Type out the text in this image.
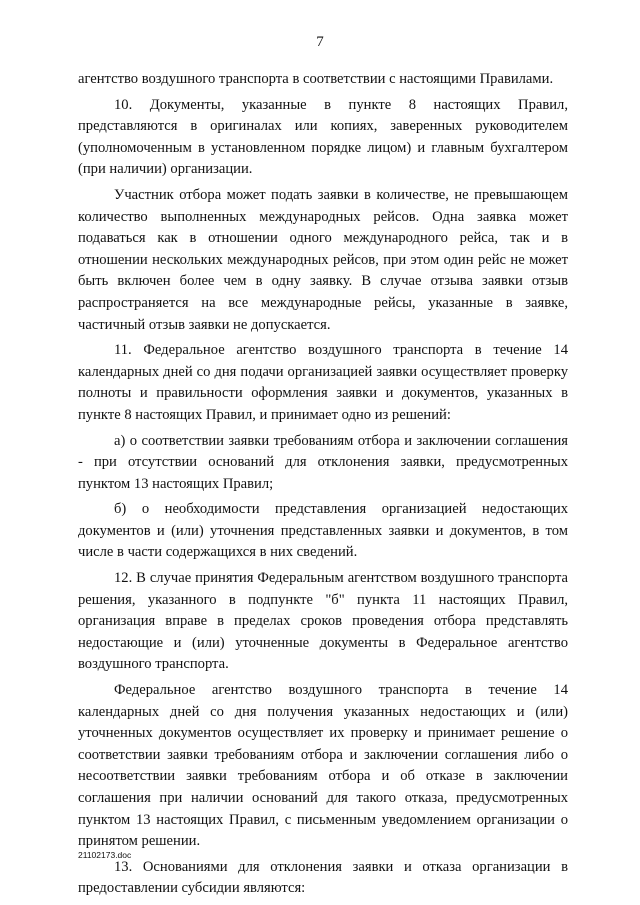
7

агентство воздушного транспорта в соответствии с настоящими Правилами.

10. Документы, указанные в пункте 8 настоящих Правил, представляются в оригиналах или копиях, заверенных руководителем (уполномоченным в установленном порядке лицом) и главным бухгалтером (при наличии) организации.

Участник отбора может подать заявки в количестве, не превышающем количество выполненных международных рейсов. Одна заявка может подаваться как в отношении одного международного рейса, так и в отношении нескольких международных рейсов, при этом один рейс не может быть включен более чем в одну заявку. В случае отзыва заявки отзыв распространяется на все международные рейсы, указанные в заявке, частичный отзыв заявки не допускается.

11. Федеральное агентство воздушного транспорта в течение 14 календарных дней со дня подачи организацией заявки осуществляет проверку полноты и правильности оформления заявки и документов, указанных в пункте 8 настоящих Правил, и принимает одно из решений:

а) о соответствии заявки требованиям отбора и заключении соглашения - при отсутствии оснований для отклонения заявки, предусмотренных пунктом 13 настоящих Правил;

б) о необходимости представления организацией недостающих документов и (или) уточнения представленных заявки и документов, в том числе в части содержащихся в них сведений.

12. В случае принятия Федеральным агентством воздушного транспорта решения, указанного в подпункте "б" пункта 11 настоящих Правил, организация вправе в пределах сроков проведения отбора представлять недостающие и (или) уточненные документы в Федеральное агентство воздушного транспорта.

Федеральное агентство воздушного транспорта в течение 14 календарных дней со дня получения указанных недостающих и (или) уточненных документов осуществляет их проверку и принимает решение о соответствии заявки требованиям отбора и заключении соглашения либо о несоответствии заявки требованиям отбора и об отказе в заключении соглашения при наличии оснований для такого отказа, предусмотренных пунктом 13 настоящих Правил, с письменным уведомлением организации о принятом решении.

13. Основаниями для отклонения заявки и отказа организации в предоставлении субсидии являются:

21102173.doc
